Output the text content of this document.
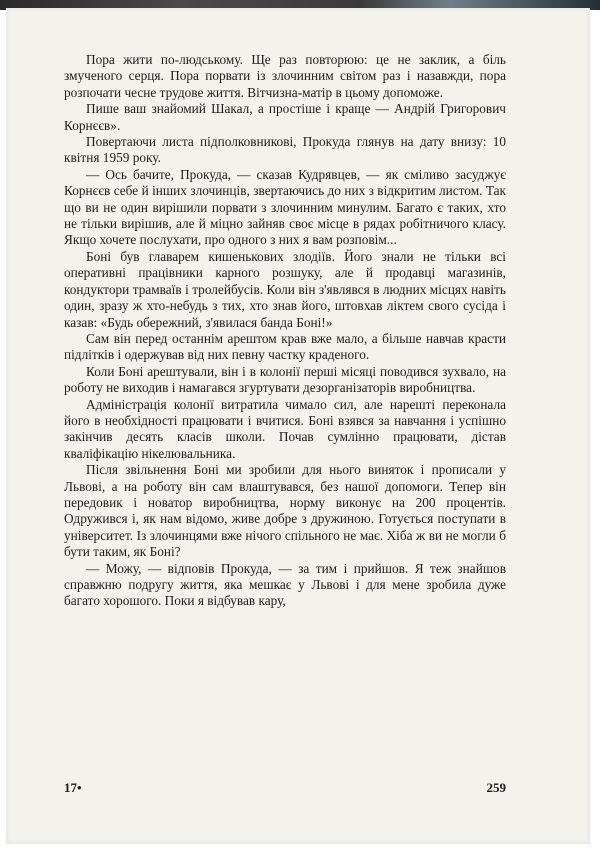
Пора жити по-людському. Ще раз повторюю: це не заклик, а біль змученого серця. Пора порвати із злочинним світом раз і назавжди, пора розпочати чесне трудове життя. Вітчизна-матір в цьому допоможе.

Пише ваш знайомий Шакал, а простіше і краще — Андрій Григорович Корнєєв».

Повертаючи листа підполковникові, Прокуда глянув на дату внизу: 10 квітня 1959 року.

— Ось бачите, Прокуда, — сказав Кудрявцев, — як сміливо засуджує Корнєєв себе й інших злочинців, звертаючись до них з відкритим листом. Так що ви не один вирішили порвати з злочинним минулим. Багато є таких, хто не тільки вирішив, але й міцно зайняв своє місце в рядах робітничого класу. Якщо хочете послухати, про одного з них я вам розповім...

Боні був главарем кишенькових злодіїв. Його знали не тільки всі оперативні працівники карного розшуку, але й продавці магазинів, кондуктори трамваїв і тролейбусів. Коли він з'являвся в людних місцях навіть один, зразу ж хто-небудь з тих, хто знав його, штовхав ліктем свого сусіда і казав: «Будь обережний, з'явилася банда Боні!»

Сам він перед останнім арештом крав вже мало, а більше навчав красти підлітків і одержував від них певну частку краденого.

Коли Боні арештували, він і в колонії перші місяці поводився зухвало, на роботу не виходив і намагався згуртувати дезорганізаторів виробництва.

Адміністрація колонії витратила чимало сил, але нарешті переконала його в необхідності працювати і вчитися. Боні взявся за навчання і успішно закінчив десять класів школи. Почав сумлінно працювати, дістав кваліфікацію нікелювальника.

Після звільнення Боні ми зробили для нього виняток і прописали у Львові, а на роботу він сам влаштувався, без нашої допомоги. Тепер він передовик і новатор виробництва, норму виконує на 200 процентів. Одружився і, як нам відомо, живе добре з дружиною. Готується поступати в університет. Із злочинцями вже нічого спільного не має. Хіба ж ви не могли б бути таким, як Боні?

— Можу, — відповів Прокуда, — за тим і прийшов. Я теж знайшов справжню подругу життя, яка мешкає у Львові і для мене зробила дуже багато хорошого. Поки я відбував кару,

17•	259
